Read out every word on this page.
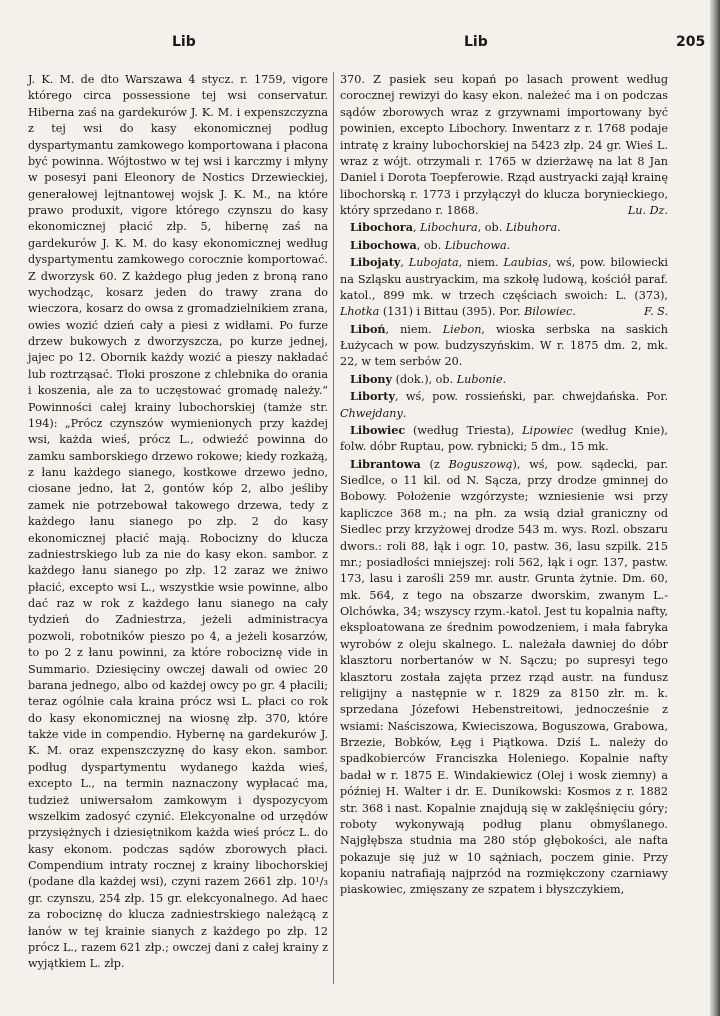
Lib	Lib	205

J. K. M. de dto Warszawa 4 stycz. r. 1759, vigore którego circa possessione tej wsi conservatur. Hiberna zaś na gardekurów J. K. M. i expenszczyzna z tej wsi do kasy ekonomicznej podług dyspartymantu zamkowego komportowana i płacona być powinna. Wójtostwo w tej wsi i karczmy i młyny w posesyi pani Eleonory de Nostics Drzewieckiej, generałowej lejtnantowej wojsk J. K. M., na które prawo produxit, vigore którego czynszu do kasy ekonomicznej płacić złp. 5, hibernę zaś na gardekurów J. K. M. do kasy ekonomicznej według dyspartymentu zamkowego corocznie komportować. Z dworzysk 60. Z każdego pług jeden z broną rano wychodząc, kosarz jeden do trawy zrana do wieczora, kosarz do owsa z gromadzielnikiem zrana, owies wozić dzień cały a piesi z widłami. Po furze drzew bukowych z dworzyszcza, po kurze jednej, jajec po 12. Obornik każdy wozić a pieszy nakładać lub roztrząsać. Tłoki proszone z chlebnika do orania i koszenia, ale za to uczęstować gromadę należy.“ Powinności całej krainy lubochorskiej (tamże str. 194): „Prócz czynszów wymienionych przy każdej wsi, każda wieś, prócz L., odwieźć powinna do zamku samborskiego drzewo rokowe; kiedy rozkażą, z łanu każdego sianego, kostkowe drzewo jedno, ciosane jedno, łat 2, gontów kóp 2, albo jeśliby zamek nie potrzebował takowego drzewa, tedy z każdego łanu sianego po złp. 2 do kasy ekonomicznej płacić mają. Robocizny do klucza zadniestrskiego lub za nie do kasy ekon. sambor. z każdego łanu sianego po złp. 12 zaraz we żniwo płacić, excepto wsi L., wszystkie wsie powinne, albo dać raz w rok z każdego łanu sianego na cały tydzień do Zadniestrza, jeżeli administracya pozwoli, robotników pieszo po 4, a jeżeli kosarzów, to po 2 z łanu powinni, za które robociznę vide in Summario. Dziesięciny owczej dawali od owiec 20 barana jednego, albo od każdej owcy po gr. 4 płacili; teraz ogólnie cała kraina prócz wsi L. płaci co rok do kasy ekonomicznej na wiosnę złp. 370, które także vide in compendio. Hybernę na gardekurów J. K. M. oraz expenszczyznę do kasy ekon. sambor. podług dyspartymentu wydanego każda wieś, excepto L., na termin naznaczony wypłacać ma, tudzież uniwersałom zamkowym i dyspozycyom wszelkim zadosyć czynić. Elekcyonalne od urzędów przysiężnych i dziesiętnikom każda wieś prócz L. do kasy ekonom. podczas sądów zborowych płaci. Compendium intraty rocznej z krainy libochorskiej (podane dla każdej wsi), czyni razem 2661 złp. 10¹/₃ gr. czynszu, 254 złp. 15 gr. elekcyonalnego. Ad haec za robociznę do klucza zadniestrskiego należącą z łanów w tej krainie sianych z każdego po złp. 12 prócz L., razem 621 złp.; owczej dani z całej krainy z wyjątkiem L. złp.

370. Z pasiek seu kopań po lasach prowent według corocznej rewizyi do kasy ekon. należeć ma i on podczas sądów zborowych wraz z grzywnami importowany być powinien, excepto Libochory. Inwentarz z r. 1768 podaje intratę z krainy lubochorskiej na 5423 złp. 24 gr. Wieś L. wraz z wójt. otrzymali r. 1765 w dzierżawę na lat 8 Jan Daniel i Dorota Toepferowie. Rząd austryacki zajął krainę libochorską r. 1773 i przyłączył do klucza borynieckiego, który sprzedano r. 1868.	Lu. Dz.

Libochora, Libochura, ob. Libuhora.

Libochowa, ob. Libuchowa.

Libojaty, Lubojata, niem. Laubias, wś, pow. bilowiecki na Szląsku austryackim, ma szkołę ludową, kościół paraf. katol., 899 mk. w trzech częściach swoich: L. (373), Lhotka (131) i Bittau (395). Por. Bilowiec.	F. S.

Liboń, niem. Liebon, wioska serbska na saskich Łużycach w pow. budzyszyńskim. W r. 1875 dm. 2, mk. 22, w tem serbów 20.

Libony (dok.), ob. Lubonie.

Liborty, wś, pow. rossieński, par. chwejdańska. Por. Chwejdany.

Libowiec (według Triesta), Lipowiec (według Knie), folw. dóbr Ruptau, pow. rybnicki; 5 dm., 15 mk.

Librantowa (z Boguszową), wś, pow. sądecki, par. Siedlce, o 11 kil. od N. Sącza, przy drodze gminnej do Bobowy. Położenie wzgórzyste; wzniesienie wsi przy kapliczce 368 m.; na płn. za wsią dział graniczny od Siedlec przy krzyżowej drodze 543 m. wys. Rozl. obszaru dwors.: roli 88, łąk i ogr. 10, pastw. 36, lasu szpilk. 215 mr.; posiadłości mniejszej: roli 562, łąk i ogr. 137, pastw. 173, lasu i zarośli 259 mr. austr. Grunta żytnie. Dm. 60, mk. 564, z tego na obszarze dworskim, zwanym L.-Olchówka, 34; wszyscy rzym.-katol. Jest tu kopalnia nafty, eksploatowana ze średnim powodzeniem, i mała fabryka wyrobów z oleju skalnego. L. należała dawniej do dóbr klasztoru norbertanów w N. Sączu; po supresyi tego klasztoru została zajęta przez rząd austr. na fundusz religijny a następnie w r. 1829 za 8150 złr. m. k. sprzedana Józefowi Hebenstreitowi, jednocześnie z wsiami: Naściszowa, Kwieciszowa, Boguszowa, Grabowa, Brzezie, Bobków, Łęg i Piątkowa. Dziś L. należy do spadkobierców Franciszka Holeniego. Kopalnie nafty badał w r. 1875 E. Windakiewicz (Olej i wosk ziemny) a później H. Walter i dr. E. Dunikowski: Kosmos z r. 1882 str. 368 i nast. Kopalnie znajdują się w zaklęśnięciu góry; roboty wykonywają podług planu obmyślanego. Najgłębsza studnia ma 280 stóp głębokości, ale nafta pokazuje się już w 10 sążniach, poczem ginie. Przy kopaniu natrafiają najprzód na rozmiękczony czarniawy piaskowiec, zmięszany ze szpatem i błyszczykiem,
